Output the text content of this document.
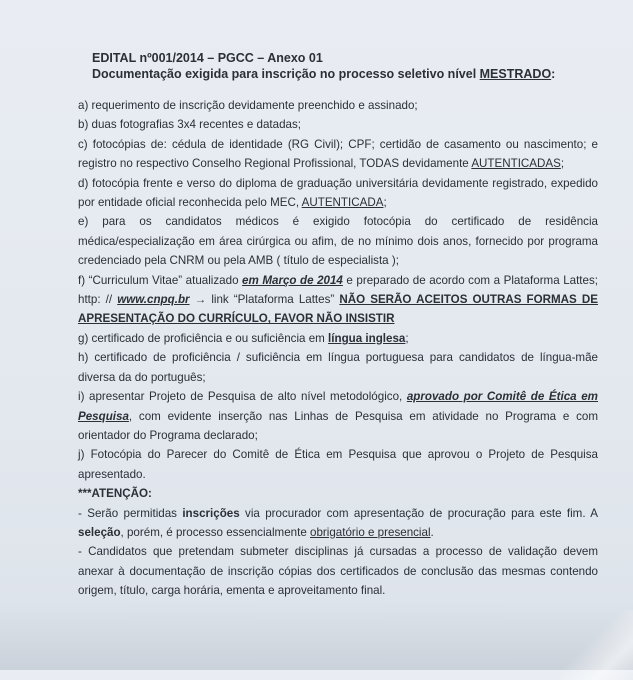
EDITAL nº001/2014 – PGCC – Anexo 01
Documentação exigida para inscrição no processo seletivo nível MESTRADO:

a) requerimento de inscrição devidamente preenchido e assinado;

b) duas fotografias 3x4 recentes e datadas;

c) fotocópias de: cédula de identidade (RG Civil); CPF; certidão de casamento ou nascimento; e registro no respectivo Conselho Regional Profissional, TODAS devidamente AUTENTICADAS;

d) fotocópia frente e verso do diploma de graduação universitária devidamente registrado, expedido por entidade oficial reconhecida pelo MEC, AUTENTICADA;

e) para os candidatos médicos é exigido fotocópia do certificado de residência médica/especialização em área cirúrgica ou afim, de no mínimo dois anos, fornecido por programa credenciado pela CNRM ou pela AMB ( título de especialista );

f) “Curriculum Vitae” atualizado em Março de 2014 e preparado de acordo com a Plataforma Lattes; http: // www.cnpq.br → link “Plataforma Lattes” NÃO SERÃO ACEITOS OUTRAS FORMAS DE APRESENTAÇÃO DO CURRÍCULO, FAVOR NÃO INSISTIR

g) certificado de proficiência e ou suficiência em língua inglesa;

h) certificado de proficiência / suficiência em língua portuguesa para candidatos de língua-mãe diversa da do português;

i) apresentar Projeto de Pesquisa de alto nível metodológico, aprovado por Comitê de Ética em Pesquisa, com evidente inserção nas Linhas de Pesquisa em atividade no Programa e com orientador do Programa declarado;

j) Fotocópia do Parecer do Comitê de Ética em Pesquisa que aprovou o Projeto de Pesquisa apresentado.

***ATENÇÃO:

- Serão permitidas inscrições via procurador com apresentação de procuração para este fim. A seleção, porém, é processo essencialmente obrigatório e presencial.

- Candidatos que pretendam submeter disciplinas já cursadas a processo de validação devem anexar à documentação de inscrição cópias dos certificados de conclusão das mesmas contendo origem, título, carga horária, ementa e aproveitamento final.
